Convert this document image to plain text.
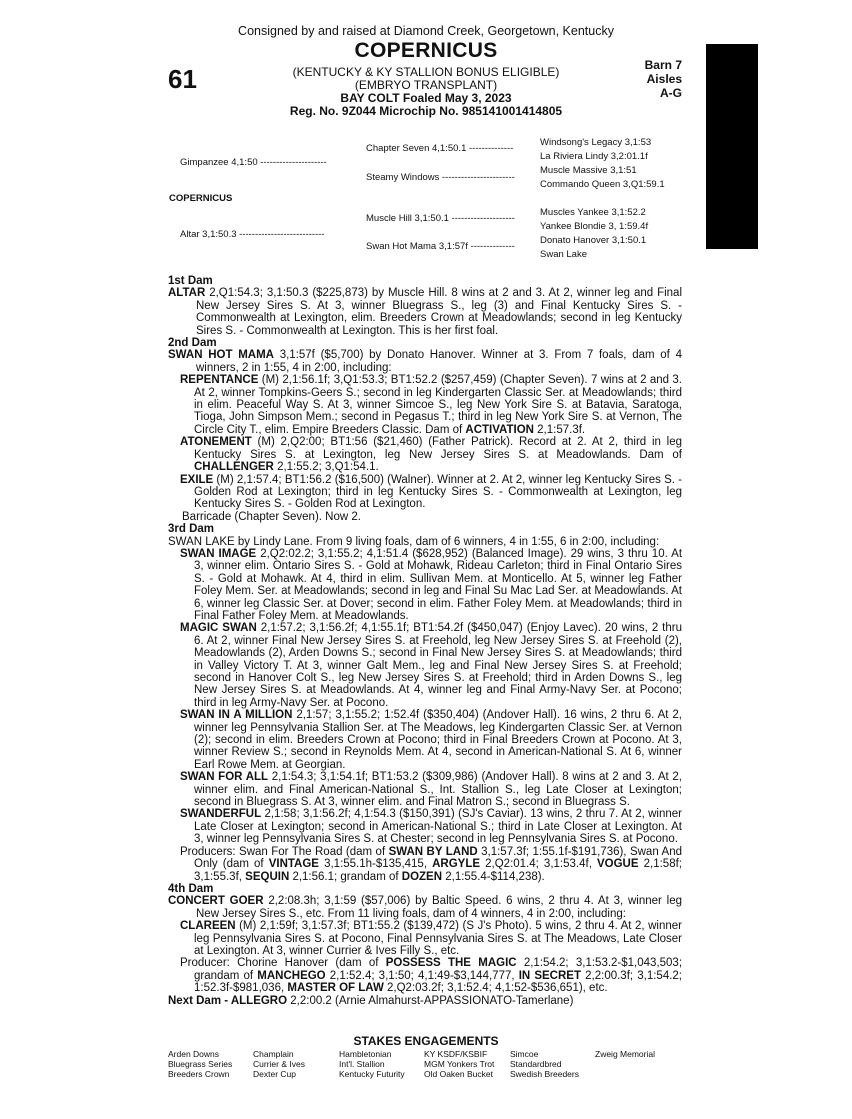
Consigned by and raised at Diamond Creek, Georgetown, Kentucky
COPERNICUS
61	(KENTUCKY & KY STALLION BONUS ELIGIBLE)
(EMBRYO TRANSPLANT)
BAY COLT Foaled May 3, 2023
Reg. No. 9Z044 Microchip No. 985141001414805
Barn 7
Aisles
A-G
Gimpanzee 4,1:50 ---------------------
COPERNICUS
Altar 3,1:50.3 ---------------------------
Chapter Seven 4,1:50.1 --------------
Steamy Windows -----------------------
Muscle Hill 3,1:50.1 --------------------
Swan Hot Mama 3,1:57f --------------
Windsong's Legacy 3,1:53
La Riviera Lindy 3,2:01.1f
Muscle Massive 3,1:51
Commando Queen 3,Q1:59.1
Muscles Yankee 3,1:52.2
Yankee Blondie 3, 1:59.4f
Donato Hanover 3,1:50.1
Swan Lake

1st Dam

ALTAR 2,Q1:54.3; 3,1:50.3 ($225,873) by Muscle Hill. 8 wins at 2 and 3. At 2, winner leg and Final New Jersey Sires S. At 3, winner Bluegrass S., leg (3) and Final Kentucky Sires S. - Commonwealth at Lexington, elim. Breeders Crown at Meadowlands; second in leg Kentucky Sires S. - Commonwealth at Lexington. This is her first foal.

2nd Dam

SWAN HOT MAMA 3,1:57f ($5,700) by Donato Hanover. Winner at 3. From 7 foals, dam of 4 winners, 2 in 1:55, 4 in 2:00, including:

REPENTANCE (M) 2,1:56.1f; 3,Q1:53.3; BT1:52.2 ($257,459) (Chapter Seven). 7 wins at 2 and 3. At 2, winner Tompkins-Geers S.; second in leg Kindergarten Classic Ser. at Meadowlands; third in elim. Peaceful Way S. At 3, winner Simcoe S., leg New York Sire S. at Batavia, Saratoga, Tioga, John Simpson Mem.; second in Pegasus T.; third in leg New York Sire S. at Vernon, The Circle City T., elim. Empire Breeders Classic. Dam of ACTIVATION 2,1:57.3f.

ATONEMENT (M) 2,Q2:00; BT1:56 ($21,460) (Father Patrick). Record at 2. At 2, third in leg Kentucky Sires S. at Lexington, leg New Jersey Sires S. at Meadowlands. Dam of CHALLENGER 2,1:55.2; 3,Q1:54.1.

EXILE (M) 2,1:57.4; BT1:56.2 ($16,500) (Walner). Winner at 2. At 2, winner leg Kentucky Sires S. - Golden Rod at Lexington; third in leg Kentucky Sires S. - Commonwealth at Lexington, leg Kentucky Sires S. - Golden Rod at Lexington.

Barricade (Chapter Seven). Now 2.

3rd Dam

SWAN LAKE by Lindy Lane. From 9 living foals, dam of 6 winners, 4 in 1:55, 6 in 2:00, including:

SWAN IMAGE 2,Q2:02.2; 3,1:55.2; 4,1:51.4 ($628,952) (Balanced Image). 29 wins, 3 thru 10. At 3, winner elim. Ontario Sires S. - Gold at Mohawk, Rideau Carleton; third in Final Ontario Sires S. - Gold at Mohawk. At 4, third in elim. Sullivan Mem. at Monticello. At 5, winner leg Father Foley Mem. Ser. at Meadowlands; second in leg and Final Su Mac Lad Ser. at Meadowlands. At 6, winner leg Classic Ser. at Dover; second in elim. Father Foley Mem. at Meadowlands; third in Final Father Foley Mem. at Meadowlands.

MAGIC SWAN 2,1:57.2; 3,1:56.2f; 4,1:55.1f; BT1:54.2f ($450,047) (Enjoy Lavec). 20 wins, 2 thru 6. At 2, winner Final New Jersey Sires S. at Freehold, leg New Jersey Sires S. at Freehold (2), Meadowlands (2), Arden Downs S.; second in Final New Jersey Sires S. at Meadowlands; third in Valley Victory T. At 3, winner Galt Mem., leg and Final New Jersey Sires S. at Freehold; second in Hanover Colt S., leg New Jersey Sires S. at Freehold; third in Arden Downs S., leg New Jersey Sires S. at Meadowlands. At 4, winner leg and Final Army-Navy Ser. at Pocono; third in leg Army-Navy Ser. at Pocono.

SWAN IN A MILLION 2,1:57; 3,1:55.2; 1:52.4f ($350,404) (Andover Hall). 16 wins, 2 thru 6. At 2, winner leg Pennsylvania Stallion Ser. at The Meadows, leg Kindergarten Classic Ser. at Vernon (2); second in elim. Breeders Crown at Pocono; third in Final Breeders Crown at Pocono. At 3, winner Review S.; second in Reynolds Mem. At 4, second in American-National S. At 6, winner Earl Rowe Mem. at Georgian.

SWAN FOR ALL 2,1:54.3; 3,1:54.1f; BT1:53.2 ($309,986) (Andover Hall). 8 wins at 2 and 3. At 2, winner elim. and Final American-National S., Int. Stallion S., leg Late Closer at Lexington; second in Bluegrass S. At 3, winner elim. and Final Matron S.; second in Bluegrass S.

SWANDERFUL 2,1:58; 3,1:56.2f; 4,1:54.3 ($150,391) (SJ's Caviar). 13 wins, 2 thru 7. At 2, winner Late Closer at Lexington; second in American-National S.; third in Late Closer at Lexington. At 3, winner leg Pennsylvania Sires S. at Chester; second in leg Pennsylvania Sires S. at Pocono.

Producers: Swan For The Road (dam of SWAN BY LAND 3,1:57.3f; 1:55.1f-$191,736), Swan And Only (dam of VINTAGE 3,1:55.1h-$135,415, ARGYLE 2,Q2:01.4; 3,1:53.4f, VOGUE 2,1:58f; 3,1:55.3f, SEQUIN 2,1:56.1; grandam of DOZEN 2,1:55.4-$114,238).

4th Dam

CONCERT GOER 2,2:08.3h; 3,1:59 ($57,006) by Baltic Speed. 6 wins, 2 thru 4. At 3, winner leg New Jersey Sires S., etc. From 11 living foals, dam of 4 winners, 4 in 2:00, including:

CLAREEN (M) 2,1:59f; 3,1:57.3f; BT1:55.2 ($139,472) (S J's Photo). 5 wins, 2 thru 4. At 2, winner leg Pennsylvania Sires S. at Pocono, Final Pennsylvania Sires S. at The Meadows, Late Closer at Lexington. At 3, winner Currier & Ives Filly S., etc.

Producer: Chorine Hanover (dam of POSSESS THE MAGIC 2,1:54.2; 3,1:53.2-$1,043,503; grandam of MANCHEGO 2,1:52.4; 3,1:50; 4,1:49-$3,144,777, IN SECRET 2,2:00.3f; 3,1:54.2; 1:52.3f-$981,036, MASTER OF LAW 2,Q2:03.2f; 3,1:52.4; 4,1:52-$536,651), etc.

Next Dam - ALLEGRO 2,2:00.2 (Arnie Almahurst-APPASSIONATO-Tamerlane)

STAKES ENGAGEMENTS
Arden Downs
Bluegrass Series
Breeders Crown
Champlain
Currier & Ives
Dexter Cup
Hambletonian
Int'l. Stallion
Kentucky Futurity
KY KSDF/KSBIF
MGM Yonkers Trot
Old Oaken Bucket
Simcoe
Standardbred
Swedish Breeders
Zweig Memorial
